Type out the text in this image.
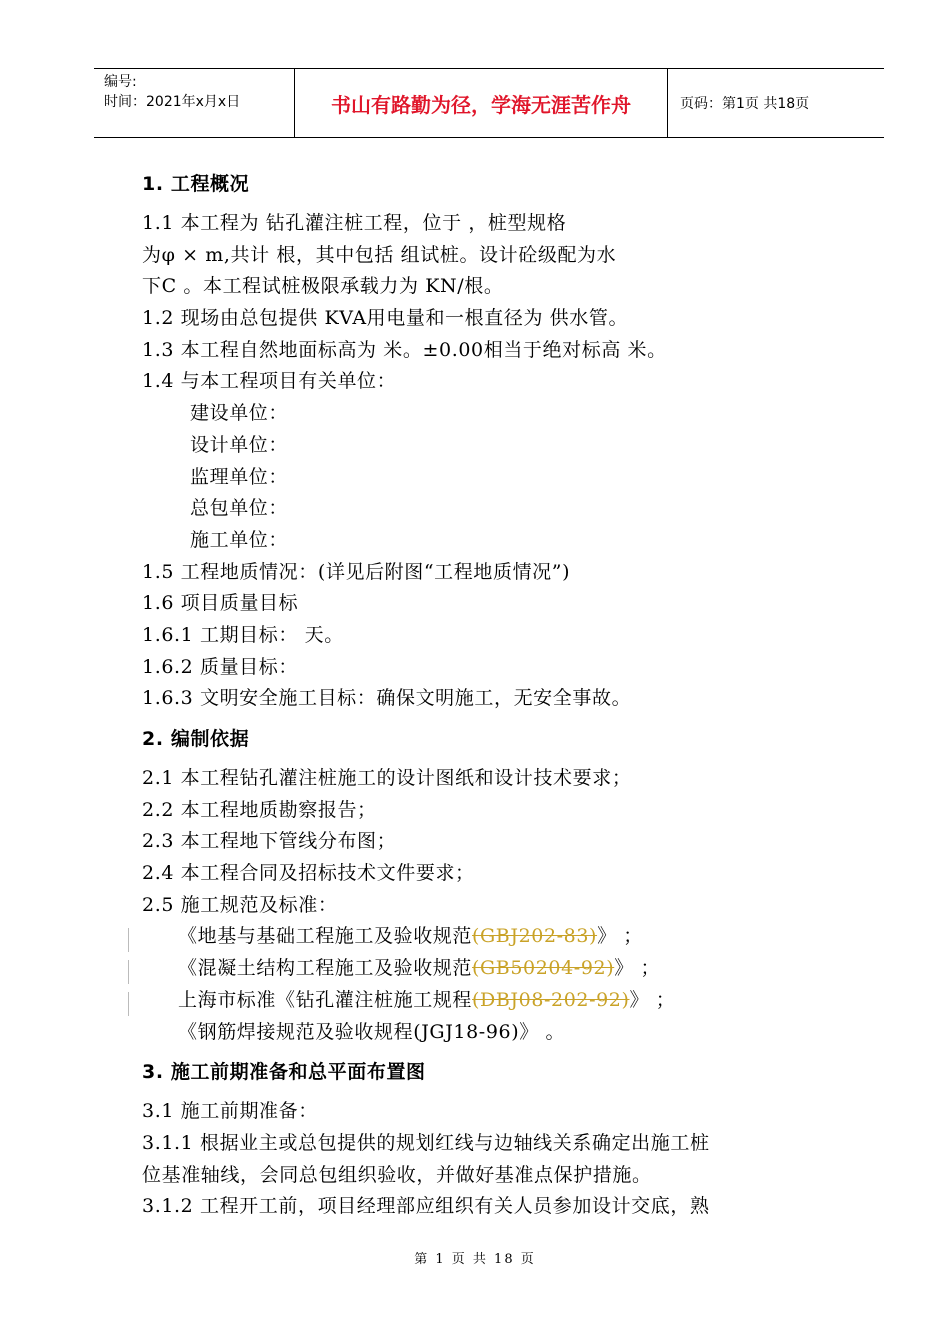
编号:
时间：2021年x月x日	书山有路勤为径，学海无涯苦作舟	页码：第1页 共18页
1. 工程概况
1.1 本工程为 钻孔灌注桩工程，位于 ，桩型规格
为φ × m,共计 根，其中包括 组试桩。设计砼级配为水
下C 。本工程试桩极限承载力为 KN/根。
1.2 现场由总包提供 KVA用电量和一根直径为 供水管。
1.3 本工程自然地面标高为 米。±0.00相当于绝对标高 米。
1.4 与本工程项目有关单位：
建设单位：
设计单位：
监理单位：
总包单位：
施工单位：
1.5 工程地质情况：(详见后附图“工程地质情况”)
1.6 项目质量目标
1.6.1 工期目标： 天。
1.6.2 质量目标：
1.6.3 文明安全施工目标：确保文明施工，无安全事故。
2. 编制依据
2.1 本工程钻孔灌注桩施工的设计图纸和设计技术要求；
2.2 本工程地质勘察报告；
2.3 本工程地下管线分布图；
2.4 本工程合同及招标技术文件要求；
2.5 施工规范及标准：
《地基与基础工程施工及验收规范(GBJ202-83)》 ；
《混凝土结构工程施工及验收规范(GB50204-92)》 ；
上海市标准《钻孔灌注桩施工规程(DBJ08-202-92)》 ；
《钢筋焊接规范及验收规程(JGJ18-96)》 。
3. 施工前期准备和总平面布置图
3.1 施工前期准备：
3.1.1 根据业主或总包提供的规划红线与边轴线关系确定出施工桩
位基准轴线，会同总包组织验收，并做好基准点保护措施。
3.1.2 工程开工前，项目经理部应组织有关人员参加设计交底，熟
第 1 页 共 18 页
